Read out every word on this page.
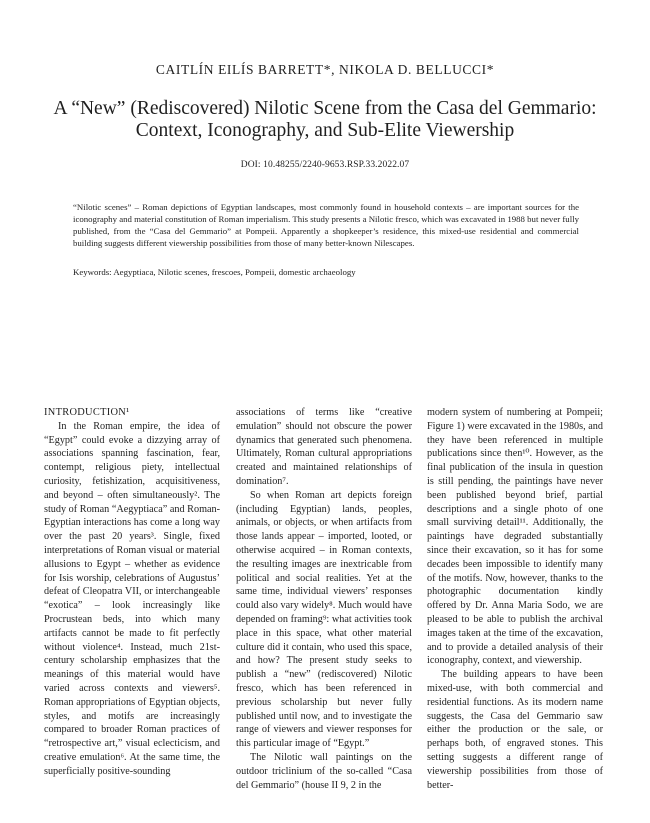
CAITLÍN EILÍS BARRETT*, NIKOLA D. BELLUCCI*
A “New” (Rediscovered) Nilotic Scene from the Casa del Gemmario:
Context, Iconography, and Sub-Elite Viewership
DOI: 10.48255/2240-9653.RSP.33.2022.07
“Nilotic scenes” – Roman depictions of Egyptian landscapes, most commonly found in household contexts – are important sources for the iconography and material constitution of Roman imperialism. This study presents a Nilotic fresco, which was excavated in 1988 but never fully published, from the “Casa del Gemmario” at Pompeii. Apparently a shopkeeper’s residence, this mixed-use residential and commercial building suggests different viewership possibilities from those of many better-known Nilescapes.
Keywords: Aegyptiaca, Nilotic scenes, frescoes, Pompeii, domestic archaeology

INTRODUCTION¹

In the Roman empire, the idea of “Egypt” could evoke a dizzying array of associations spanning fascination, fear, contempt, religious piety, intellectual curiosity, fetishization, acquisitiveness, and beyond – often simultaneously². The study of Roman “Aegyptiaca” and Roman-Egyptian interactions has come a long way over the past 20 years³. Single, fixed interpretations of Roman visual or material allusions to Egypt – whether as evidence for Isis worship, celebrations of Augustus’ defeat of Cleopatra VII, or interchangeable “exotica” – look increasingly like Procrustean beds, into which many artifacts cannot be made to fit perfectly without violence⁴. Instead, much 21st-century scholarship emphasizes that the meanings of this material would have varied across contexts and viewers⁵. Roman appropriations of Egyptian objects, styles, and motifs are increasingly compared to broader Roman practices of “retrospective art,” visual eclecticism, and creative emulation⁶. At the same time, the superficially positive-sounding

associations of terms like “creative emulation” should not obscure the power dynamics that generated such phenomena. Ultimately, Roman cultural appropriations created and maintained relationships of domination⁷.

So when Roman art depicts foreign (including Egyptian) lands, peoples, animals, or objects, or when artifacts from those lands appear – imported, looted, or otherwise acquired – in Roman contexts, the resulting images are inextricable from political and social realities. Yet at the same time, individual viewers’ responses could also vary widely⁸. Much would have depended on framing⁹: what activities took place in this space, what other material culture did it contain, who used this space, and how? The present study seeks to publish a “new” (rediscovered) Nilotic fresco, which has been referenced in previous scholarship but never fully published until now, and to investigate the range of viewers and viewer responses for this particular image of “Egypt.”

The Nilotic wall paintings on the outdoor triclinium of the so-called “Casa del Gemmario” (house II 9, 2 in the

modern system of numbering at Pompeii; Figure 1) were excavated in the 1980s, and they have been referenced in multiple publications since then¹⁰. However, as the final publication of the insula in question is still pending, the paintings have never been published beyond brief, partial descriptions and a single photo of one small surviving detail¹¹. Additionally, the paintings have degraded substantially since their excavation, so it has for some decades been impossible to identify many of the motifs. Now, however, thanks to the photographic documentation kindly offered by Dr. Anna Maria Sodo, we are pleased to be able to publish the archival images taken at the time of the excavation, and to provide a detailed analysis of their iconography, context, and viewership.

The building appears to have been mixed-use, with both commercial and residential functions. As its modern name suggests, the Casa del Gemmario saw either the production or the sale, or perhaps both, of engraved stones. This setting suggests a different range of viewership possibilities from those of better-
